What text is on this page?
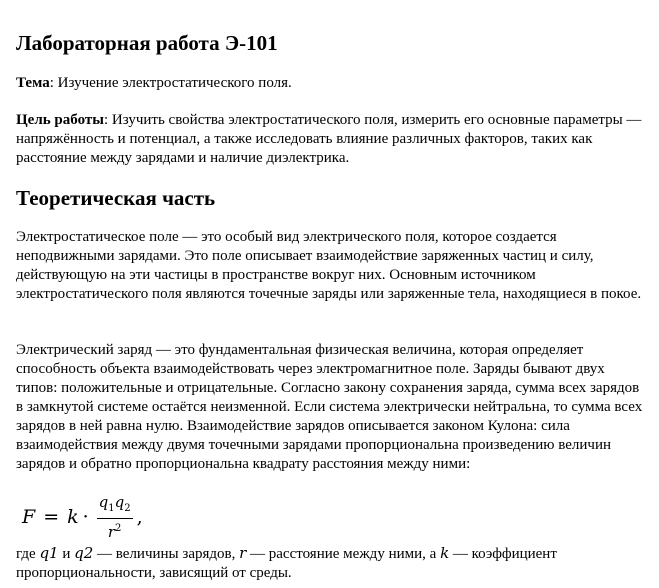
Лабораторная работа Э-101

Тема: Изучение электростатического поля.

Цель работы: Изучить свойства электростатического поля, измерить его основные параметры — напряжённость и потенциал, а также исследовать влияние различных факторов, таких как расстояние между зарядами и наличие диэлектрика.

Теоретическая часть

Электростатическое поле — это особый вид электрического поля, которое создается неподвижными зарядами. Это поле описывает взаимодействие заряженных частиц и силу, действующую на эти частицы в пространстве вокруг них. Основным источником электростатического поля являются точечные заряды или заряженные тела, находящиеся в покое.

Электрический заряд — это фундаментальная физическая величина, которая определяет способность объекта взаимодействовать через электромагнитное поле. Заряды бывают двух типов: положительные и отрицательные. Согласно закону сохранения заряда, сумма всех зарядов в замкнутой системе остаётся неизменной. Если система электрически нейтральна, то сумма всех зарядов в ней равна нулю. Взаимодействие зарядов описывается законом Кулона: сила взаимодействия между двумя точечными зарядами пропорциональна произведению величин зарядов и обратно пропорциональна квадрату расстояния между ними:

$F = k \cdot \frac{q_1q_2}{r^2}$ ,

где q1 и q2 — величины зарядов, r — расстояние между ними, а k — коэффициент пропорциональности, зависящий от среды.
